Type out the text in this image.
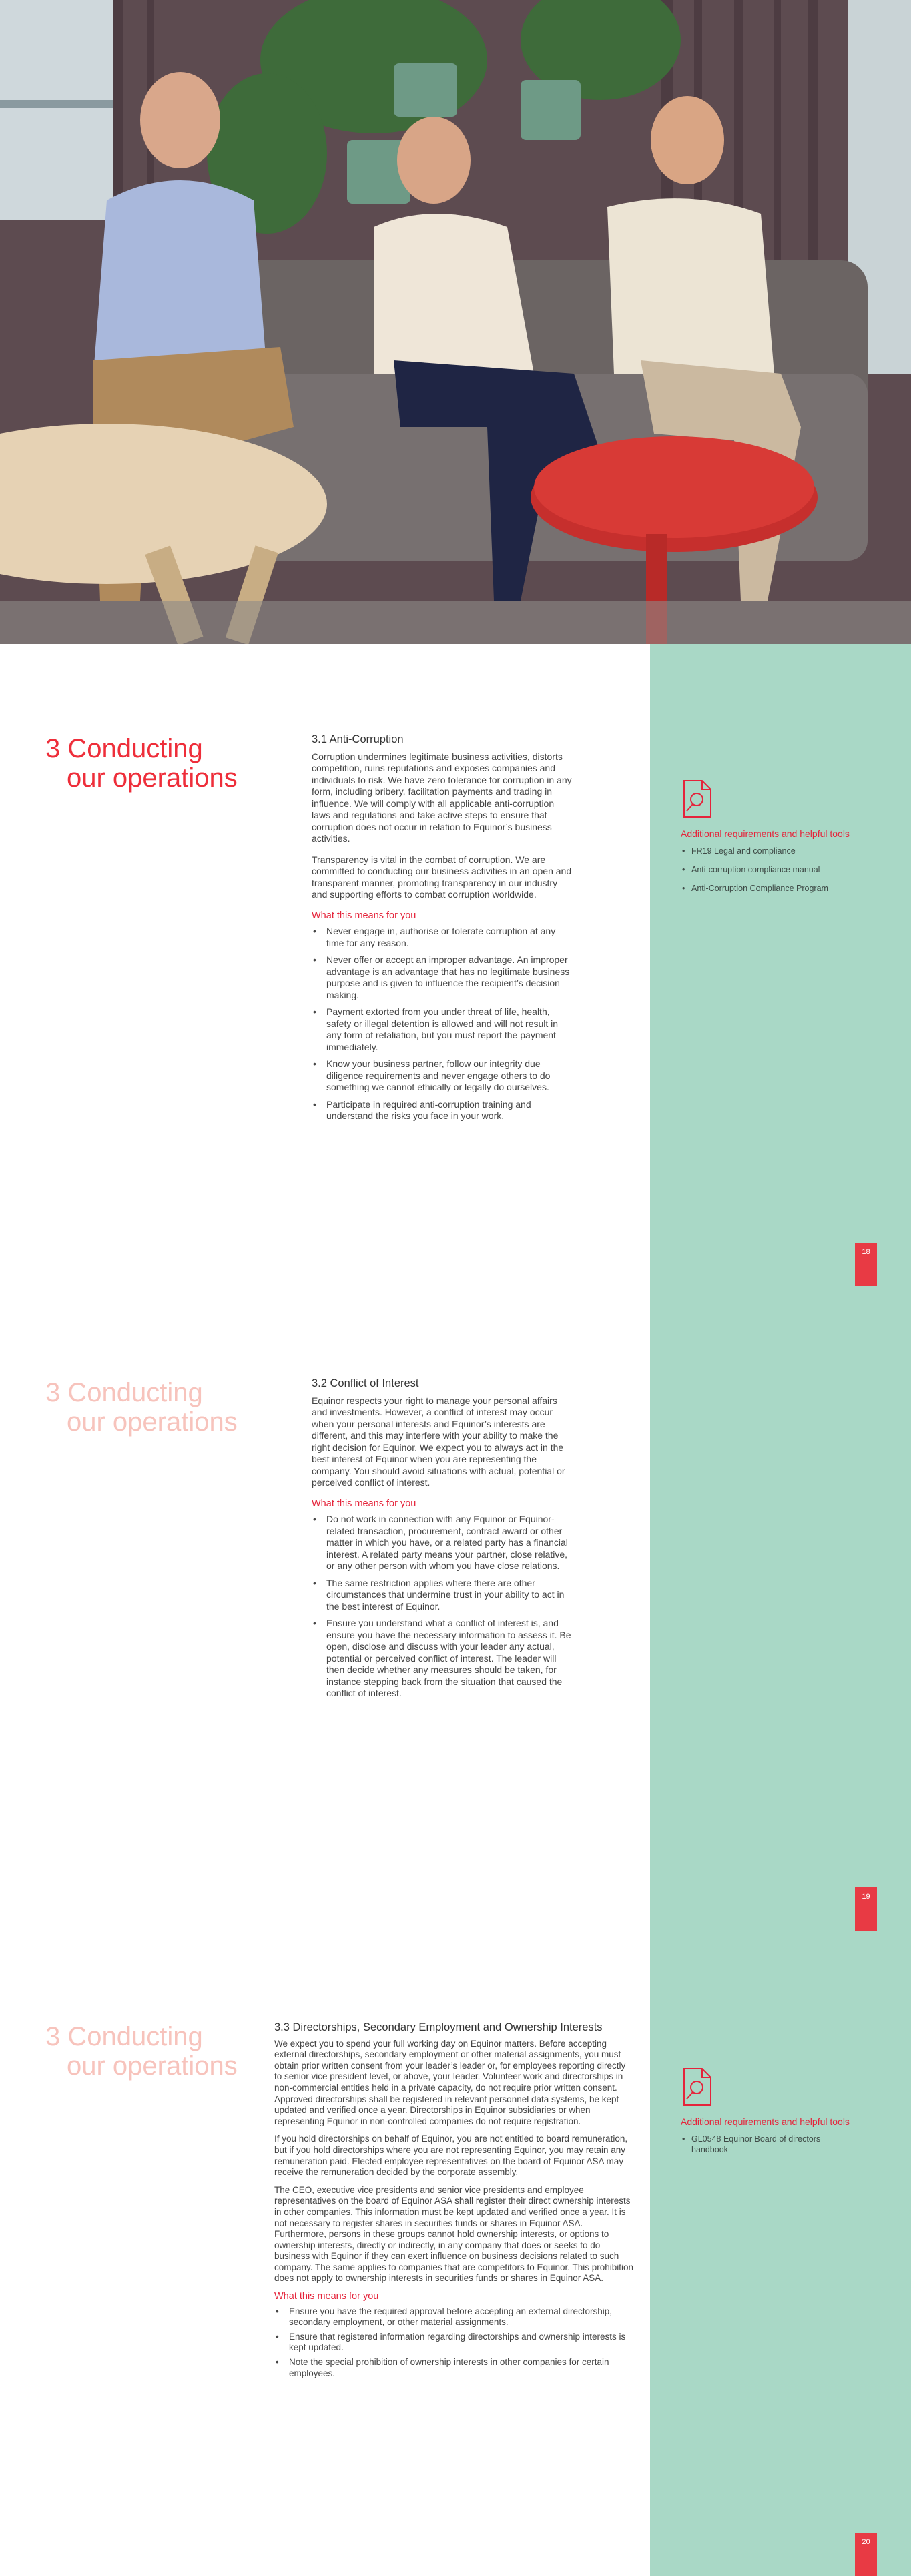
3 Conducting
our operations
3.1 Anti-Corruption

Corruption undermines legitimate business activities, distorts competition, ruins reputations and exposes companies and individuals to risk. We have zero tolerance for corruption in any form, including bribery, facilitation payments and trading in influence. We will comply with all applicable anti-corruption laws and regulations and take active steps to ensure that corruption does not occur in relation to Equinor’s business activities.

Transparency is vital in the combat of corruption. We are committed to conducting our business activities in an open and transparent manner, promoting transparency in our industry and supporting efforts to combat corruption worldwide.

What this means for you
• Never engage in, authorise or tolerate corruption at any time for any reason.
• Never offer or accept an improper advantage. An improper advantage is an advantage that has no legitimate business purpose and is given to influence the recipient’s decision making.
• Payment extorted from you under threat of life, health, safety or illegal detention is allowed and will not result in any form of retaliation, but you must report the payment immediately.
• Know your business partner, follow our integrity due diligence requirements and never engage others to do something we cannot ethically or legally do ourselves.
• Participate in required anti-corruption training and understand the risks you face in your work.
Additional requirements and helpful tools
• FR19 Legal and compliance
• Anti-corruption compliance manual
• Anti-Corruption Compliance Program
18
3 Conducting
our operations
3.2 Conflict of Interest

Equinor respects your right to manage your personal affairs and investments. However, a conflict of interest may occur when your personal interests and Equinor’s interests are different, and this may interfere with your ability to make the right decision for Equinor. We expect you to always act in the best interest of Equinor when you are representing the company. You should avoid situations with actual, potential or perceived conflict of interest.

What this means for you
• Do not work in connection with any Equinor or Equinor-related transaction, procurement, contract award or other matter in which you have, or a related party has a financial interest. A related party means your partner, close relative, or any other person with whom you have close relations.
• The same restriction applies where there are other circumstances that undermine trust in your ability to act in the best interest of Equinor.
• Ensure you understand what a conflict of interest is, and ensure you have the necessary information to assess it. Be open, disclose and discuss with your leader any actual, potential or perceived conflict of interest. The leader will then decide whether any measures should be taken, for instance stepping back from the situation that caused the conflict of interest.
19
3 Conducting
our operations
3.3 Directorships, Secondary Employment and Ownership Interests

We expect you to spend your full working day on Equinor matters. Before accepting external directorships, secondary employment or other material assignments, you must obtain prior written consent from your leader’s leader or, for employees reporting directly to senior vice president level, or above, your leader. Volunteer work and directorships in non-commercial entities held in a private capacity, do not require prior written consent. Approved directorships shall be registered in relevant personnel data systems, be kept updated and verified once a year. Directorships in Equinor subsidiaries or when representing Equinor in non-controlled companies do not require registration.

If you hold directorships on behalf of Equinor, you are not entitled to board remuneration, but if you hold directorships where you are not representing Equinor, you may retain any remuneration paid. Elected employee representatives on the board of Equinor ASA may receive the remuneration decided by the corporate assembly.

The CEO, executive vice presidents and senior vice presidents and employee representatives on the board of Equinor ASA shall register their direct ownership interests in other companies. This information must be kept updated and verified once a year. It is not necessary to register shares in securities funds or shares in Equinor ASA. Furthermore, persons in these groups cannot hold ownership interests, or options to ownership interests, directly or indirectly, in any company that does or seeks to do business with Equinor if they can exert influence on business decisions related to such company. The same applies to companies that are competitors to Equinor. This prohibition does not apply to ownership interests in securities funds or shares in Equinor ASA.

What this means for you
• Ensure you have the required approval before accepting an external directorship, secondary employment, or other material assignments.
• Ensure that registered information regarding directorships and ownership interests is kept updated.
• Note the special prohibition of ownership interests in other companies for certain employees.
Additional requirements and helpful tools
• GL0548 Equinor Board of directors handbook
20
